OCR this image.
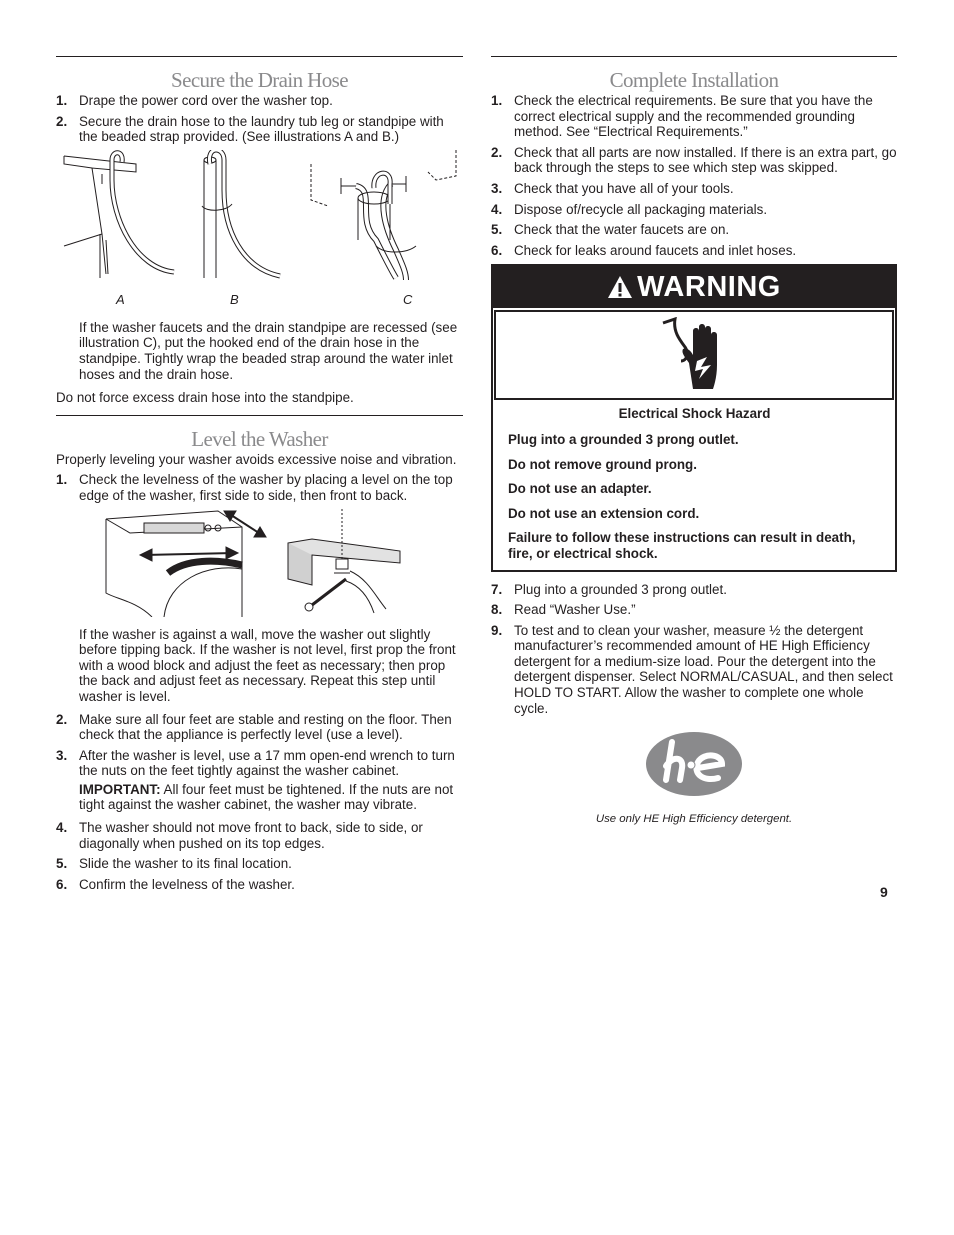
Secure the Drain Hose
1. Drape the power cord over the washer top.
2. Secure the drain hose to the laundry tub leg or standpipe with the beaded strap provided. (See illustrations A and B.)
A	B	C

If the washer faucets and the drain standpipe are recessed (see illustration C), put the hooked end of the drain hose in the standpipe. Tightly wrap the beaded strap around the water inlet hoses and the drain hose.

Do not force excess drain hose into the standpipe.

Level the Washer

Properly leveling your washer avoids excessive noise and vibration.

1. Check the levelness of the washer by placing a level on the top edge of the washer, first side to side, then front to back.

If the washer is against a wall, move the washer out slightly before tipping back. If the washer is not level, first prop the front with a wood block and adjust the feet as necessary; then prop the back and adjust feet as necessary. Repeat this step until washer is level.

2. Make sure all four feet are stable and resting on the floor. Then check that the appliance is perfectly level (use a level).
3. After the washer is level, use a 17 mm open-end wrench to turn the nuts on the feet tightly against the washer cabinet.

IMPORTANT: All four feet must be tightened. If the nuts are not tight against the washer cabinet, the washer may vibrate.

4. The washer should not move front to back, side to side, or diagonally when pushed on its top edges.
5. Slide the washer to its final location.
6. Confirm the levelness of the washer.
Complete Installation
1. Check the electrical requirements. Be sure that you have the correct electrical supply and the recommended grounding method. See “Electrical Requirements.”
2. Check that all parts are now installed. If there is an extra part, go back through the steps to see which step was skipped.
3. Check that you have all of your tools.
4. Dispose of/recycle all packaging materials.
5. Check that the water faucets are on.
6. Check for leaks around faucets and inlet hoses.
WARNING

Electrical Shock Hazard

Plug into a grounded 3 prong outlet.

Do not remove ground prong.

Do not use an adapter.

Do not use an extension cord.

Failure to follow these instructions can result in death, fire, or electrical shock.

7. Plug into a grounded 3 prong outlet.
8. Read “Washer Use.”
9. To test and to clean your washer, measure ½ the detergent manufacturer’s recommended amount of HE High Efficiency detergent for a medium-size load. Pour the detergent into the detergent dispenser. Select NORMAL/CASUAL, and then select HOLD TO START. Allow the washer to complete one whole cycle.

Use only HE High Efficiency detergent.

9
